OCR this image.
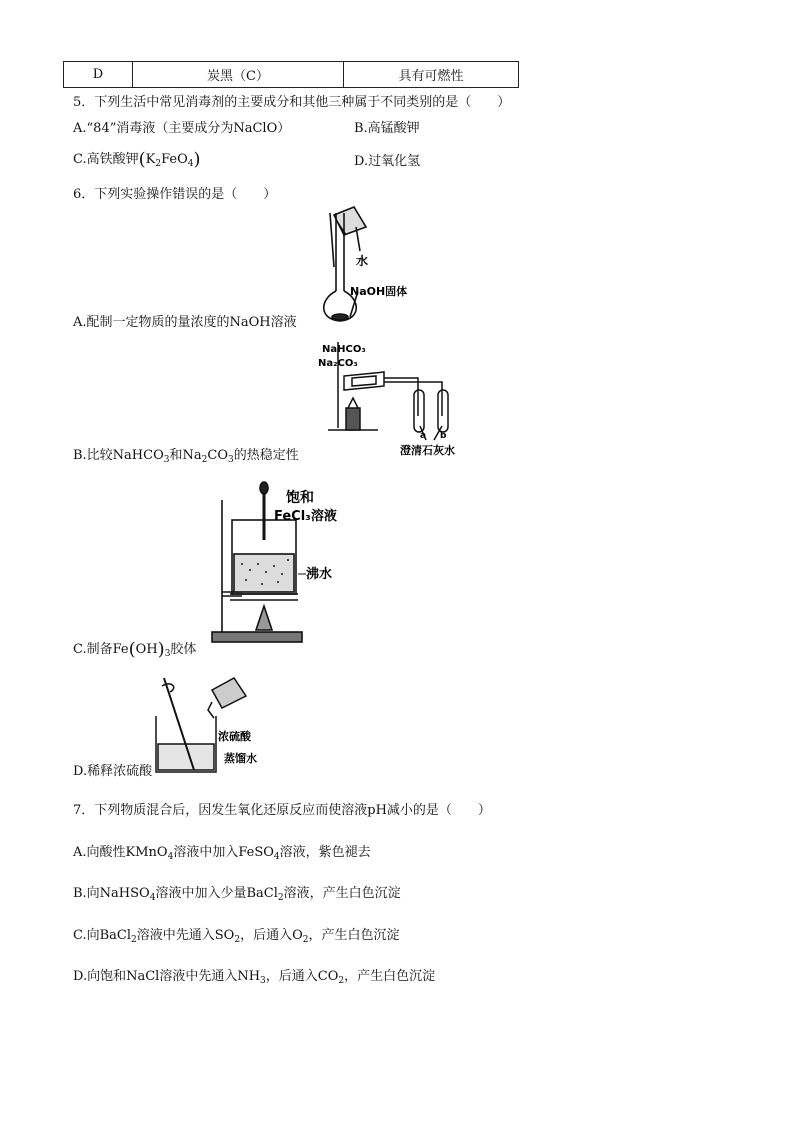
D	炭黑（C）	具有可燃性
5．下列生活中常见消毒剂的主要成分和其他三种属于不同类别的是（　　）
A.“84”消毒液（主要成分为NaClO）	B.高锰酸钾
C.高铁酸钾$(K_2FeO_4)$	D.过氧化氢
6．下列实验操作错误的是（　　）
水
NaOH固体
A.配制一定物质的量浓度的NaOH溶液
NaHCO₃
Na₂CO₃
a b
澄清石灰水
B.比较NaHCO$_3$和$Na_2CO_3$的热稳定性
饱和
FeCl₃溶液
沸水
C.制备$Fe(OH)_3$胶体
浓硫酸
蒸馏水
D.稀释浓硫酸
7．下列物质混合后，因发生氧化还原反应而使溶液pH减小的是（　　）
A.向酸性KMnO$_4$溶液中加入FeSO$_4$溶液，紫色褪去
B.向NaHSO$_4$溶液中加入少量BaCl$_2$溶液，产生白色沉淀
C.向BaCl$_2$溶液中先通入$SO_2$，后通入$O_2$，产生白色沉淀
D.向饱和NaCl溶液中先通入$NH_3$，后通入$CO_2$，产生白色沉淀
